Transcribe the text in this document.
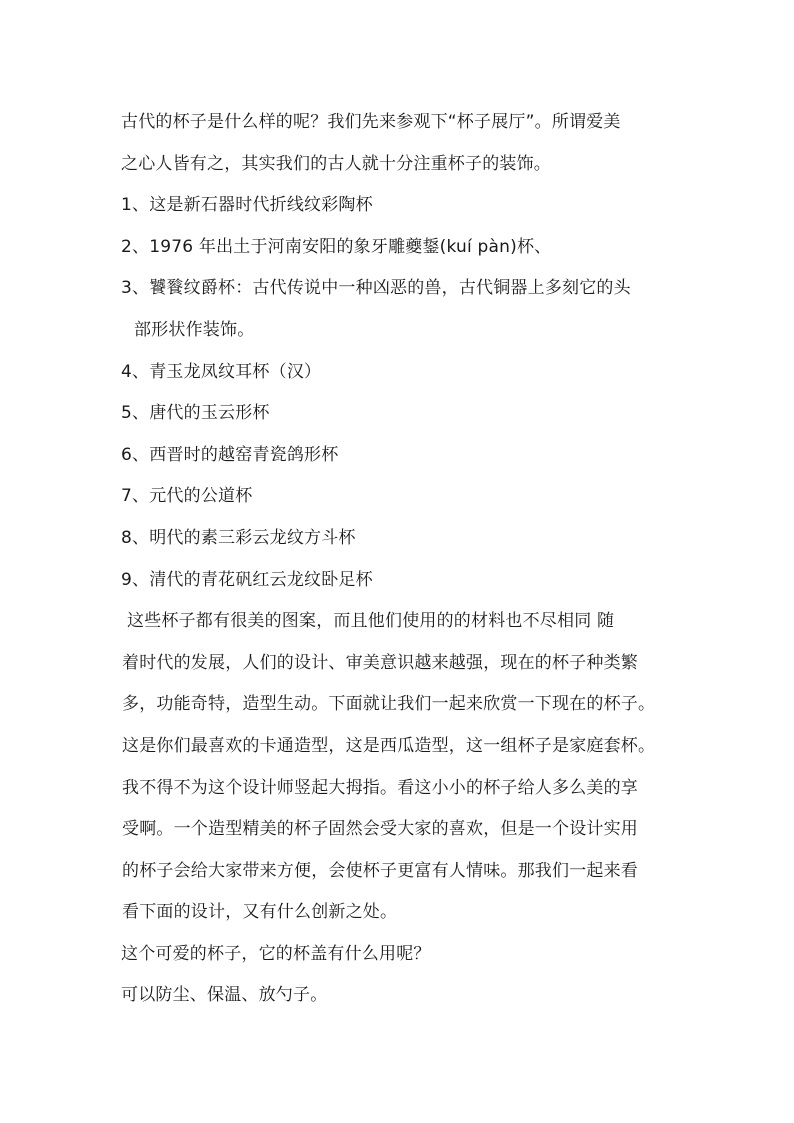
古代的杯子是什么样的呢？我们先来参观下“杯子展厅”。所谓爱美
之心人皆有之，其实我们的古人就十分注重杯子的装饰。
1、这是新石器时代折线纹彩陶杯
2、1976 年出土于河南安阳的象牙雕夔鋬(kuí pàn)杯、
3、饕餮纹爵杯：古代传说中一种凶恶的兽，古代铜器上多刻它的头
部形状作装饰。
4、青玉龙凤纹耳杯（汉）
5、唐代的玉云形杯
6、西晋时的越窑青瓷鸽形杯
7、元代的公道杯
8、明代的素三彩云龙纹方斗杯
9、清代的青花矾红云龙纹卧足杯
这些杯子都有很美的图案，而且他们使用的的材料也不尽相同 随
着时代的发展，人们的设计、审美意识越来越强，现在的杯子种类繁
多，功能奇特，造型生动。下面就让我们一起来欣赏一下现在的杯子。
这是你们最喜欢的卡通造型，这是西瓜造型，这一组杯子是家庭套杯。
我不得不为这个设计师竖起大拇指。看这小小的杯子给人多么美的享
受啊。一个造型精美的杯子固然会受大家的喜欢，但是一个设计实用
的杯子会给大家带来方便，会使杯子更富有人情味。那我们一起来看
看下面的设计，又有什么创新之处。
这个可爱的杯子，它的杯盖有什么用呢？
可以防尘、保温、放勺子。
